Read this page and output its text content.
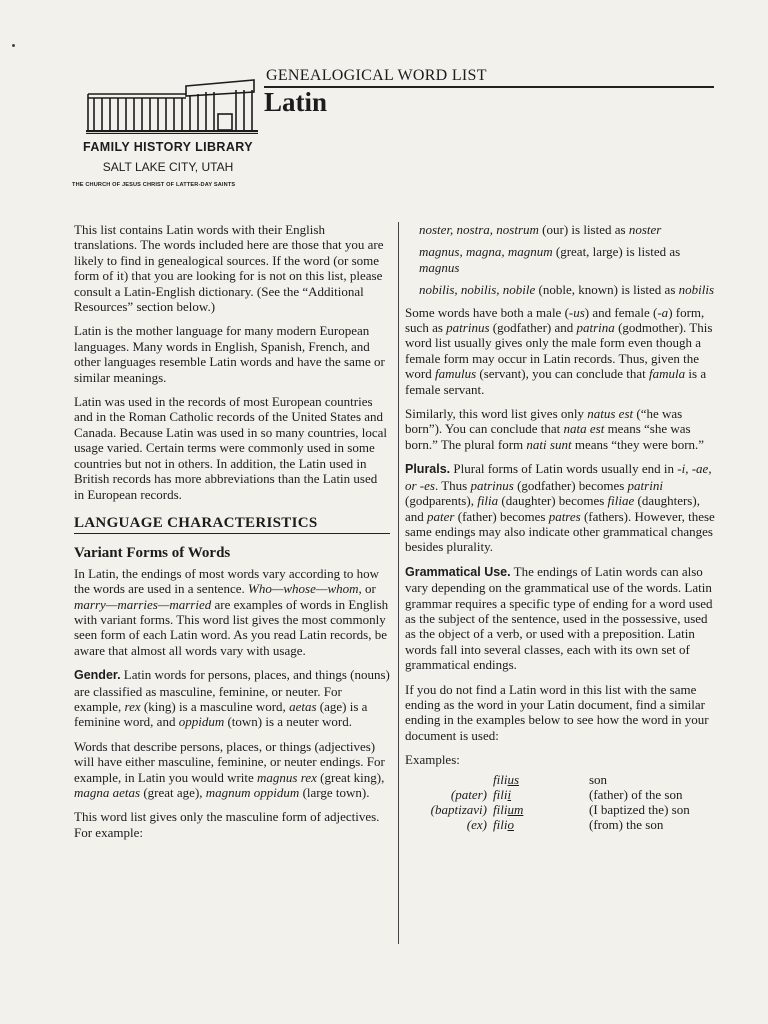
GENEALOGICAL WORD LIST
Latin
FAMILY HISTORY LIBRARY
SALT LAKE CITY, UTAH
THE CHURCH OF JESUS CHRIST OF LATTER-DAY SAINTS

This list contains Latin words with their English translations. The words included here are those that you are likely to find in genealogical sources. If the word (or some form of it) that you are looking for is not on this list, please consult a Latin-English dictionary. (See the “Additional Resources” section below.)

Latin is the mother language for many modern European languages. Many words in English, Spanish, French, and other languages resemble Latin words and have the same or similar meanings.

Latin was used in the records of most European countries and in the Roman Catholic records of the United States and Canada. Because Latin was used in so many countries, local usage varied. Certain terms were commonly used in some countries but not in others. In addition, the Latin used in British records has more abbreviations than the Latin used in European records.

LANGUAGE CHARACTERISTICS
Variant Forms of Words

In Latin, the endings of most words vary according to how the words are used in a sentence. Who—whose—whom, or marry—marries—married are examples of words in English with variant forms. This word list gives the most commonly seen form of each Latin word. As you read Latin records, be aware that almost all words vary with usage.

Gender. Latin words for persons, places, and things (nouns) are classified as masculine, feminine, or neuter. For example, rex (king) is a masculine word, aetas (age) is a feminine word, and oppidum (town) is a neuter word.

Words that describe persons, places, or things (adjectives) will have either masculine, feminine, or neuter endings. For example, in Latin you would write magnus rex (great king), magna aetas (great age), magnum oppidum (large town).

This word list gives only the masculine form of adjectives. For example:

noster, nostra, nostrum (our) is listed as noster

magnus, magna, magnum (great, large) is listed as magnus

nobilis, nobilis, nobile (noble, known) is listed as nobilis

Some words have both a male (-us) and female (-a) form, such as patrinus (godfather) and patrina (godmother). This word list usually gives only the male form even though a female form may occur in Latin records. Thus, given the word famulus (servant), you can conclude that famula is a female servant.

Similarly, this word list gives only natus est (“he was born”). You can conclude that nata est means “she was born.” The plural form nati sunt means “they were born.”

Plurals. Plural forms of Latin words usually end in -i, -ae, or -es. Thus patrinus (godfather) becomes patrini (godparents), filia (daughter) becomes filiae (daughters), and pater (father) becomes patres (fathers). However, these same endings may also indicate other grammatical changes besides plurality.

Grammatical Use. The endings of Latin words can also vary depending on the grammatical use of the words. Latin grammar requires a specific type of ending for a word used as the subject of the sentence, used in the possessive, used as the object of a verb, or used with a preposition. Latin words fall into several classes, each with its own set of grammatical endings.

If you do not find a Latin word in this list with the same ending as the word in your Latin document, find a similar ending in the examples below to see how the word in your document is used:

Examples:

	filius	son
(pater)	filii	(father) of the son
(baptizavi)	filium	(I baptized the) son
(ex)	filio	(from) the son
